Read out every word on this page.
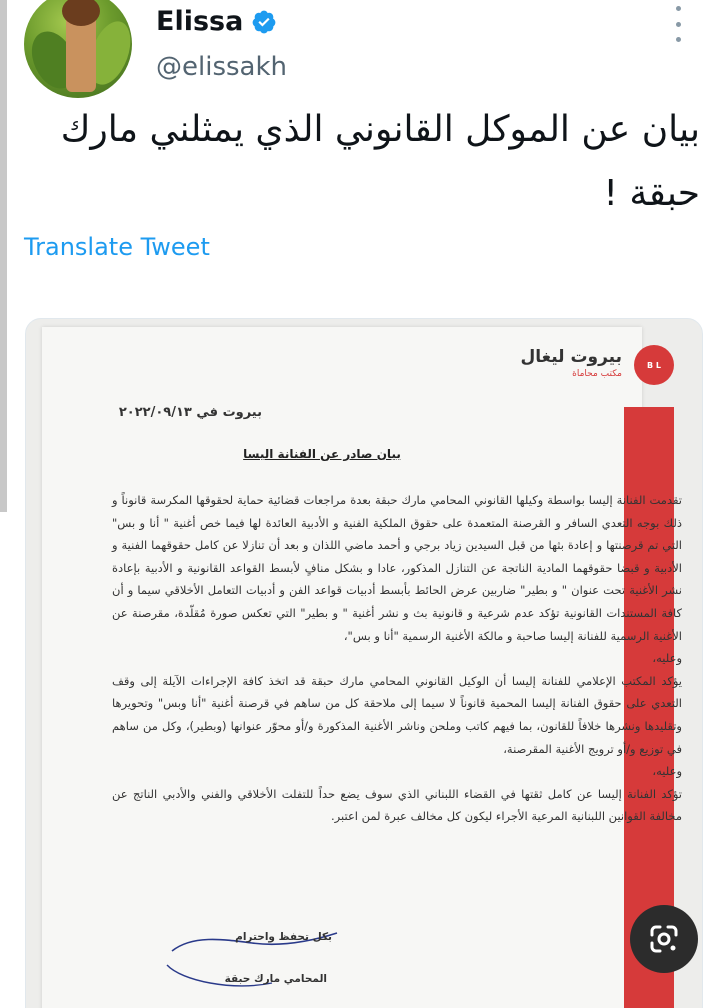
Elissa
@elissakh
بيان عن الموكل القانوني الذي يمثلني مارك حبقة !
Translate Tweet
B L
بيروت ليغال
مكتب محاماة
بيروت في ٢٠٢٢/٠٩/١٣
بيان صادر عن الفنانة اليسا

تقدمت الفنانة إليسا بواسطة وكيلها القانوني المحامي مارك حبقة بعدة مراجعات قضائية حماية لحقوقها المكرسة قانوناً و ذلك بوجه التعدي السافر و القرصنة المتعمدة على حقوق الملكية الفنية و الأدبية العائدة لها فيما خص أغنية " أنا و بس" التي تم قرصنتها و إعادة بثها من قبل السيدين زياد برجي و أحمد ماضي اللذان و بعد أن تنازلا عن كامل حقوقهما الفنية و الأدبية و قبضا حقوقهما المادية الناتجة عن التنازل المذكور، عادا و بشكل منافٍ لأبسط القواعد القانونية و الأدبية بإعادة نشر الأغنية تحت عنوان " و بطير" ضاربين عرض الحائط بأبسط أدبيات قواعد الفن و أدبيات التعامل الأخلاقي سيما و أن كافة المستندات القانونية تؤكد عدم شرعية و قانونية بث و نشر أغنية " و بطير" التي تعكس صورة مُقلّدة، مقرصنة عن الأغنية الرسمية للفنانة إليسا صاحبة و مالكة الأغنية الرسمية "أنا و بس"،

وعليه،

يؤكد المكتب الإعلامي للفنانة إليسا أن الوكيل القانوني المحامي مارك حبقة قد اتخذ كافة الإجراءات الآيلة إلى وقف التعدي على حقوق الفنانة إليسا المحمية قانوناً لا سيما إلى ملاحقة كل من ساهم في قرصنة أغنية "أنا وبس" وتحويرها وتقليدها ونشرها خلافاً للقانون، بما فيهم كاتب وملحن وناشر الأغنية المذكورة و/أو محوّر عنوانها (وبطير)، وكل من ساهم في توزيع و/أو ترويج الأغنية المقرصنة،

وعليه،

تؤكد الفنانة إليسا عن كامل ثقتها في القضاء اللبناني الذي سوف يضع حداً للتفلت الأخلاقي والفني والأدبي الناتج عن مخالفة القوانين اللبنانية المرعية الأجراء ليكون كل مخالف عبرة لمن اعتبر.

بكل تحفظ واحترام
المحامي مارك حبقة
